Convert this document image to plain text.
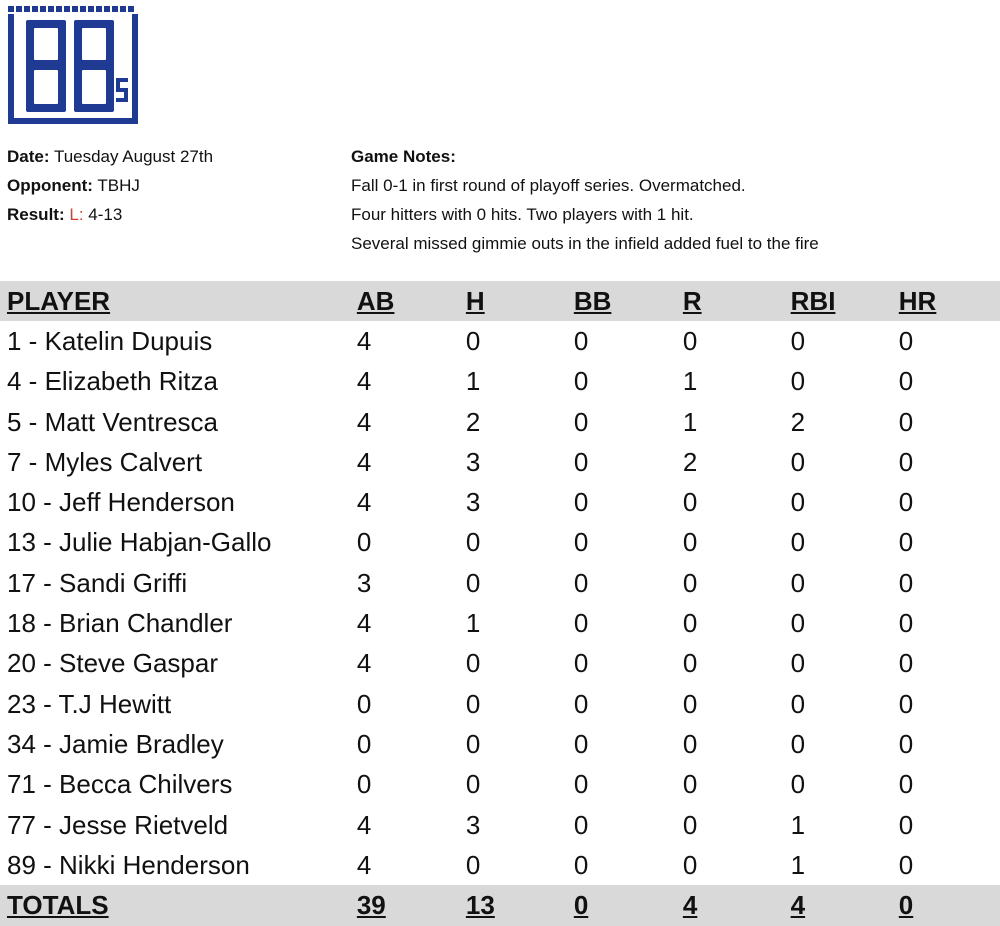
Date: Tuesday August 27th
Opponent: TBHJ
Result: L: 4-13
Game Notes:
Fall 0-1 in first round of playoff series. Overmatched.
Four hitters with 0 hits. Two players with 1 hit.
Several missed gimmie outs in the infield added fuel to the fire
PLAYER	AB	H	BB	R	RBI	HR
1 - Katelin Dupuis	4	0	0	0	0	0
4 - Elizabeth Ritza	4	1	0	1	0	0
5 - Matt Ventresca	4	2	0	1	2	0
7 - Myles Calvert	4	3	0	2	0	0
10 - Jeff Henderson	4	3	0	0	0	0
13 - Julie Habjan-Gallo	0	0	0	0	0	0
17 - Sandi Griffi	3	0	0	0	0	0
18 - Brian Chandler	4	1	0	0	0	0
20 - Steve Gaspar	4	0	0	0	0	0
23 - T.J Hewitt	0	0	0	0	0	0
34 - Jamie Bradley	0	0	0	0	0	0
71 - Becca Chilvers	0	0	0	0	0	0
77 - Jesse Rietveld	4	3	0	0	1	0
89 - Nikki Henderson	4	0	0	0	1	0
TOTALS	39	13	0	4	4	0
